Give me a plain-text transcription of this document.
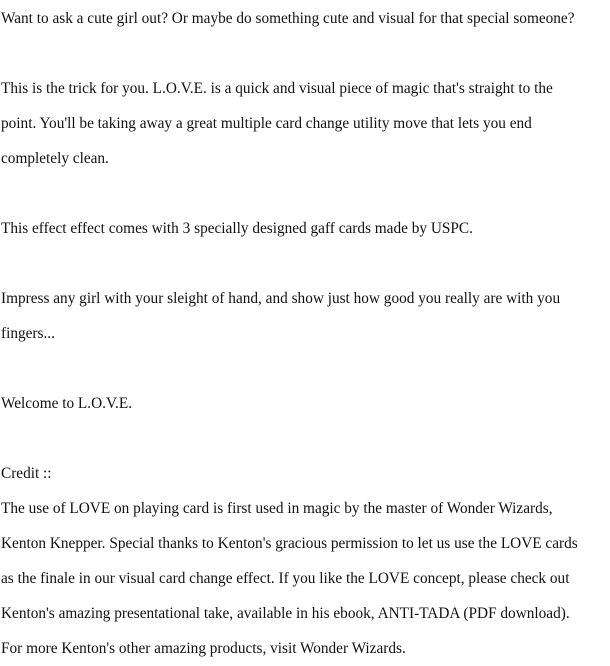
Want to ask a cute girl out? Or maybe do something cute and visual for that special someone?
This is the trick for you. L.O.V.E. is a quick and visual piece of magic that's straight to the
point. You'll be taking away a great multiple card change utility move that lets you end
completely clean.
This effect effect comes with 3 specially designed gaff cards made by USPC.
Impress any girl with your sleight of hand, and show just how good you really are with you
fingers...
Welcome to L.O.V.E.
Credit ::
The use of LOVE on playing card is first used in magic by the master of Wonder Wizards,
Kenton Knepper. Special thanks to Kenton's gracious permission to let us use the LOVE cards
as the finale in our visual card change effect. If you like the LOVE concept, please check out
Kenton's amazing presentational take, available in his ebook, ANTI-TADA (PDF download).
For more Kenton's other amazing products, visit Wonder Wizards.
